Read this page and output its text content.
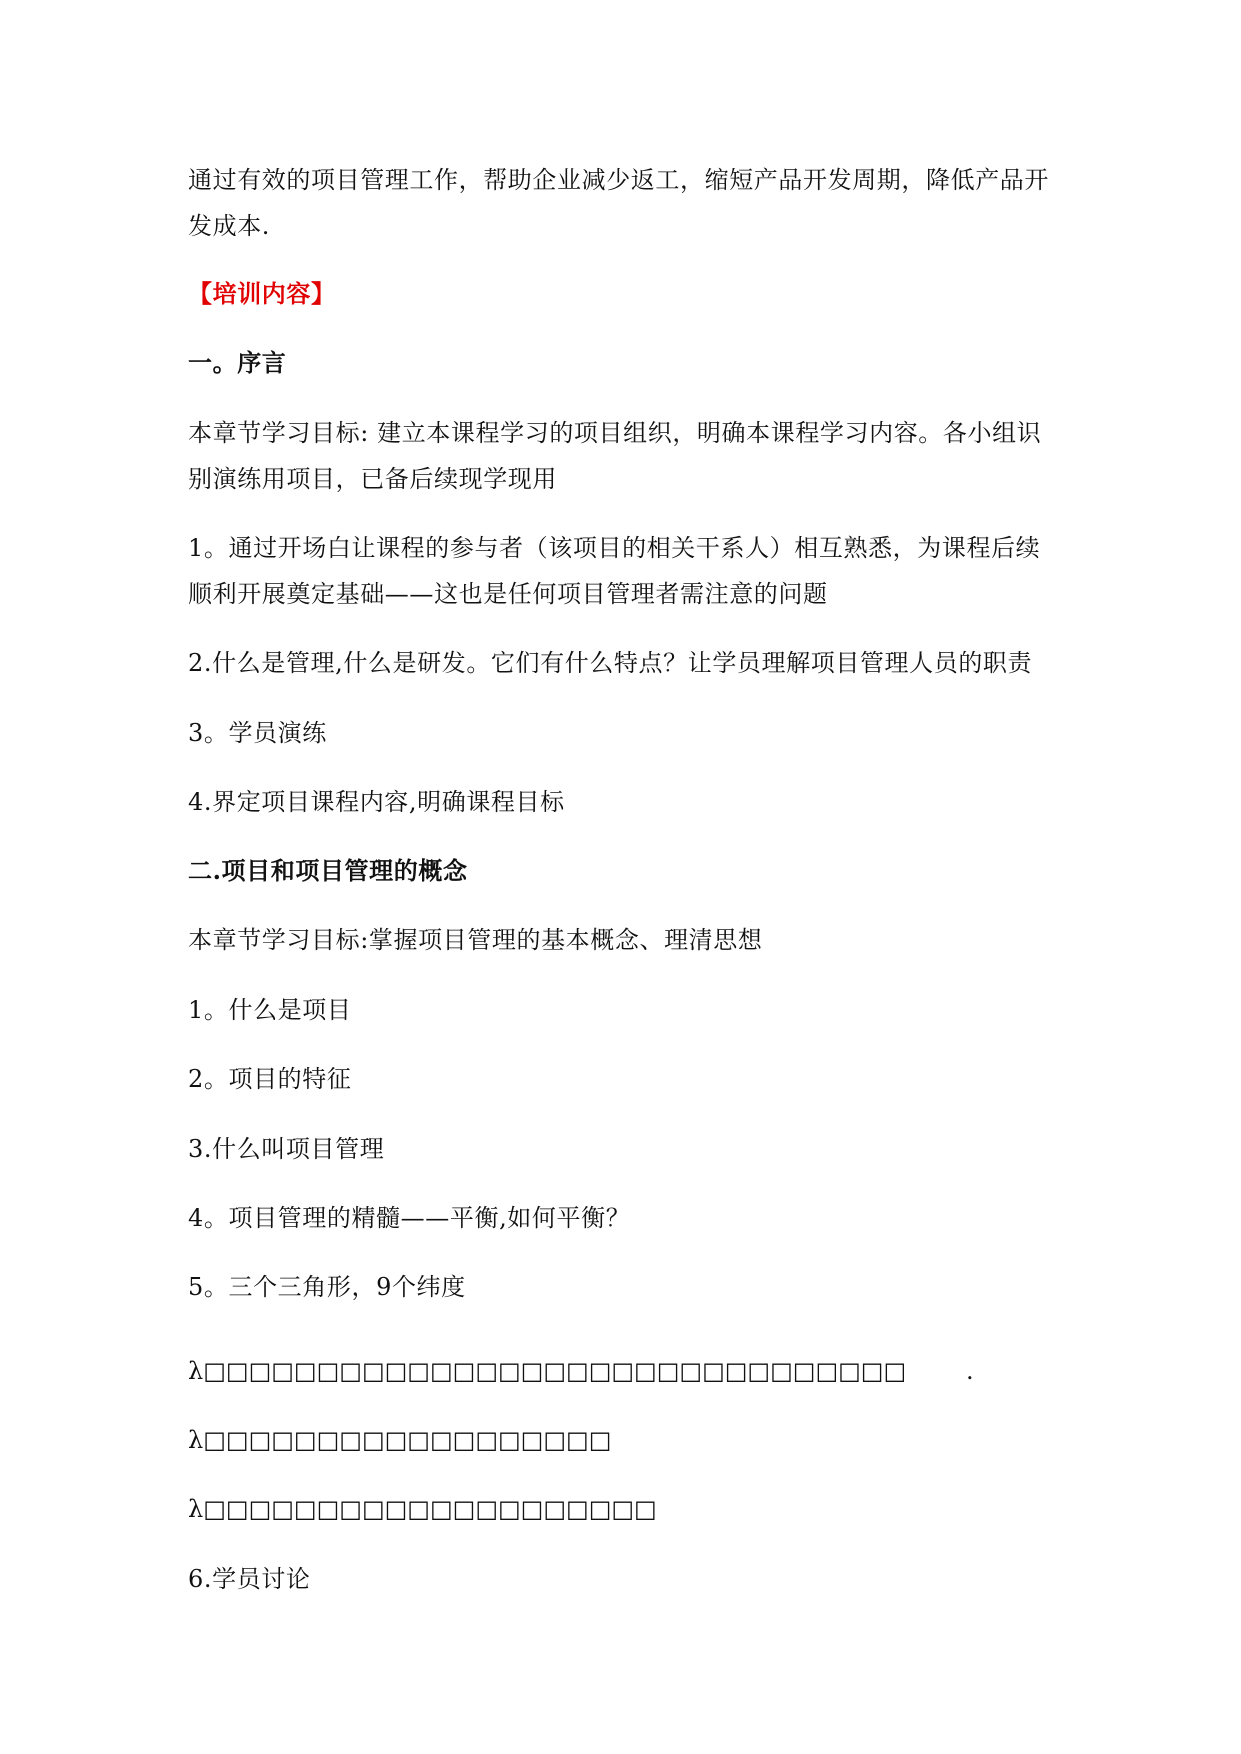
通过有效的项目管理工作，帮助企业减少返工，缩短产品开发周期，降低产品开
发成本.
【培训内容】
一。序言
本章节学习目标: 建立本课程学习的项目组织，明确本课程学习内容。各小组识
别演练用项目，已备后续现学现用
1。通过开场白让课程的参与者（该项目的相关干系人）相互熟悉，为课程后续
顺利开展奠定基础——这也是任何项目管理者需注意的问题
2.什么是管理,什么是研发。它们有什么特点？让学员理解项目管理人员的职责
3。学员演练
4.界定项目课程内容,明确课程目标
二.项目和项目管理的概念
本章节学习目标:掌握项目管理的基本概念、理清思想
1。什么是项目
2。项目的特征
3.什么叫项目管理
4。项目管理的精髓——平衡,如何平衡？
5。三个三角形，9个纬度
λ□□□□□□□□□□□□□□□□□□□□□□□□□□□□□□□ .
λ□□□□□□□□□□□□□□□□□□
λ□□□□□□□□□□□□□□□□□□□□
6.学员讨论
